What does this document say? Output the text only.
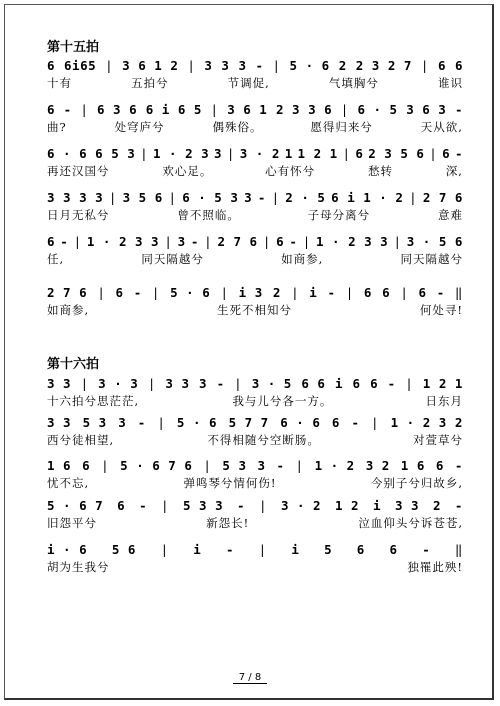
第十五拍
6 6i65 | 3 6 1 2 | 3 3 3 - | 5 · 6 2 2 3 2 7 | 6 6
十有	五拍兮	节调促,	气填胸兮	谁识
6 - | 6 3 6 6 i 6 5 | 3 6 1 2 3 3 6 | 6 · 5 3 6 3 -
曲?	处穹庐兮	偶殊俗。	愿得归来兮	天从欲,
6 · 6 6 5 3 | 1 · 2 3 3 | 3 · 2 1 1 2 1 | 6 2 3 5 6 | 6 -
再还汉国兮	欢心足。	心有怀兮	愁转	深,
3 3 3 3 | 3 5 6 | 6 · 5 3 3 - | 2 · 5 6 i 1 · 2 | 2 7 6
日月无私兮	曾不照临。	子母分离兮	意难
6 - | 1 · 2 3 3 | 3 - | 2 7 6 | 6 - | 1 · 2 3 3 | 3 · 5 6
任,	同天隔越兮	如商参,	同天隔越兮
2 7 6 | 6 - | 5 · 6 | i 3 2 | i - | 6 6 | 6 - ‖
如商参,	生死不相知兮	何处寻!
第十六拍
3 3 | 3 · 3 | 3 3 3 - | 3 · 5 6 6 i 6 6 - | 1 2 1
十六拍兮思茫茫,	我与儿兮各一方。	日东月
3 3 5 3 3 - | 5 · 6 5 7 7 6 · 6 6 - | 1 · 2 3 2
西兮徒相望,	不得相随兮空断肠。	对萱草兮
1 6 6 | 5 · 6 7 6 | 5 3 3 - | 1 · 2 3 2 1 6 6 -
忧不忘,	弹鸣琴兮情何伤!	今别子兮归故乡,
5 · 6 7 6 - | 5 3 3 - | 3 · 2 1 2 i 3 3 2 -
旧怨平兮	新怨长!	泣血仰头兮诉苍苍,
i · 6 5 6 | i - | i 5 6 6 - ‖
胡为生我兮	独罹此殃!
7 / 8
